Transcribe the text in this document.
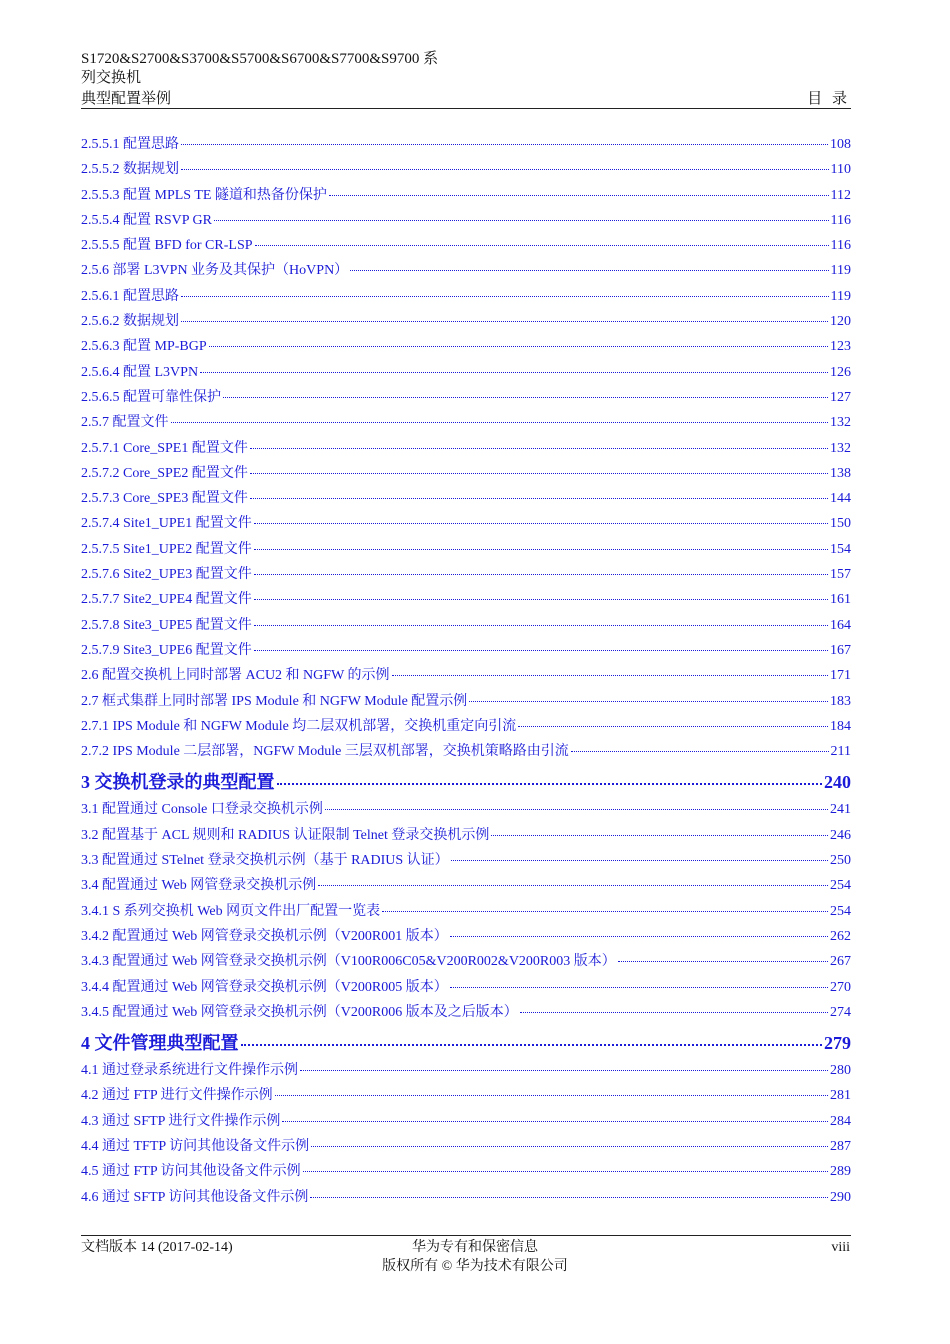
S1720&S2700&S3700&S5700&S6700&S7700&S9700 系
列交换机
典型配置举例	目 录
2.5.5.1 配置思路	108
2.5.5.2 数据规划	110
2.5.5.3 配置 MPLS TE 隧道和热备份保护	112
2.5.5.4 配置 RSVP GR	116
2.5.5.5 配置 BFD for CR-LSP	116
2.5.6 部署 L3VPN 业务及其保护（HoVPN）	119
2.5.6.1 配置思路	119
2.5.6.2 数据规划	120
2.5.6.3 配置 MP-BGP	123
2.5.6.4 配置 L3VPN	126
2.5.6.5 配置可靠性保护	127
2.5.7 配置文件	132
2.5.7.1 Core_SPE1 配置文件	132
2.5.7.2 Core_SPE2 配置文件	138
2.5.7.3 Core_SPE3 配置文件	144
2.5.7.4 Site1_UPE1 配置文件	150
2.5.7.5 Site1_UPE2 配置文件	154
2.5.7.6 Site2_UPE3 配置文件	157
2.5.7.7 Site2_UPE4 配置文件	161
2.5.7.8 Site3_UPE5 配置文件	164
2.5.7.9 Site3_UPE6 配置文件	167
2.6 配置交换机上同时部署 ACU2 和 NGFW 的示例	171
2.7 框式集群上同时部署 IPS Module 和 NGFW Module 配置示例	183
2.7.1 IPS Module 和 NGFW Module 均二层双机部署，交换机重定向引流	184
2.7.2 IPS Module 二层部署，NGFW Module 三层双机部署，交换机策略路由引流	211
3 交换机登录的典型配置	240
3.1 配置通过 Console 口登录交换机示例	241
3.2 配置基于 ACL 规则和 RADIUS 认证限制 Telnet 登录交换机示例	246
3.3 配置通过 STelnet 登录交换机示例（基于 RADIUS 认证）	250
3.4 配置通过 Web 网管登录交换机示例	254
3.4.1 S 系列交换机 Web 网页文件出厂配置一览表	254
3.4.2 配置通过 Web 网管登录交换机示例（V200R001 版本）	262
3.4.3 配置通过 Web 网管登录交换机示例（V100R006C05&V200R002&V200R003 版本）	267
3.4.4 配置通过 Web 网管登录交换机示例（V200R005 版本）	270
3.4.5 配置通过 Web 网管登录交换机示例（V200R006 版本及之后版本）	274
4 文件管理典型配置	279
4.1 通过登录系统进行文件操作示例	280
4.2 通过 FTP 进行文件操作示例	281
4.3 通过 SFTP 进行文件操作示例	284
4.4 通过 TFTP 访问其他设备文件示例	287
4.5 通过 FTP 访问其他设备文件示例	289
4.6 通过 SFTP 访问其他设备文件示例	290
文档版本 14 (2017-02-14)	华为专有和保密信息
版权所有 © 华为技术有限公司
viii
